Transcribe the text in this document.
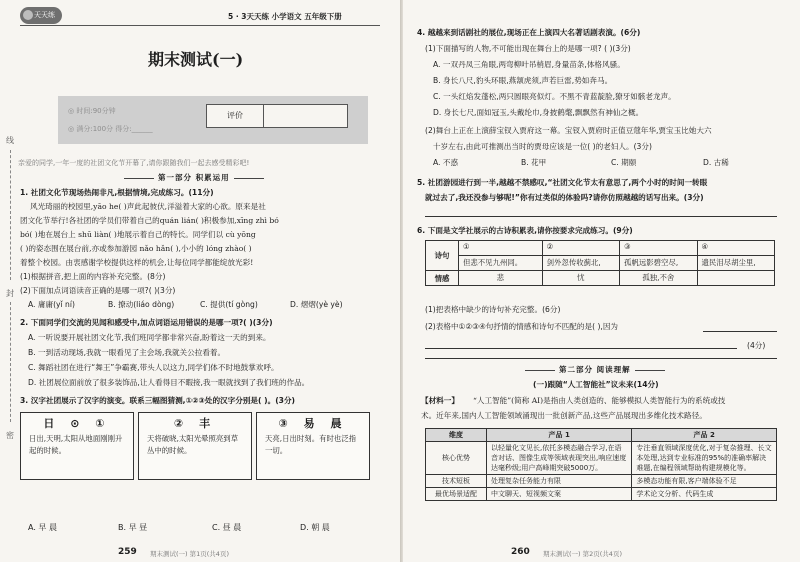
天天练	5 · 3天天练 小学语文 五年级下册
期末测试(一)
◎ 时间:90分钟
◎ 满分:100分 得分:______
评价
线
封
密
亲爱的同学,一年一度的社团文化节开幕了,请你跟随我们一起去感受精彩吧!
第一部分 积累运用
1. 社团文化节现场热闹非凡,根据情境,完成练习。(11分)
风光琦丽的校园里,yāo he( )声此起彼伏,洋溢着大家的心欲。原来是社
团文化节举行!各社团的学员们带着自己的quán lián( )积极参加,xīng zhì bó
bó( )地在展台上 shū liàn( )地展示着自己的特长。同学们以 cù yōng
( )的姿态围在展台前,亦或参加游园 nǎo hǎn( ),小小的 lóng zhào( )
着整个校园。由衷感谢学校提供这样的机会,让每位同学都能绽放光彩!
(1)根据拼音,把上面的内容补充完整。(8分)
(2)下面加点词语读音正确的是哪一项?( )(3分)
A. 庸庸(yǐ ní)	B. 撩动(liáo dòng)	C. 提供(tí gòng)	D. 熠熠(yè yè)
2. 下面同学们交流的见闻和感受中,加点词语运用错误的是哪一项?( )(3分)
A. 一听说要开展社团文化节,我们班同学都非常兴奋,盼着这一天的到来。
B. 一到活动现场,我就一眼看见了主会场,我就关公拉看着。
C. 舞蹈社团在进行“舞王”争霸赛,带头人以这力,同学们体不时地鼓掌欢呼。
D. 社团展位面前放了很多装饰品,让人看得目不暇接,我一眼就找到了我们班的作品。
3. 汉字社团展示了汉字的演变。联系三幅图猜测,①②③处的汉字分别是( )。(3分)
日 ⊙ ①
日出,天明,太阳从地面刚刚升起的时候。
② 丰
天将破晓,太阳光晕照亮到草丛中的时候。
③ 易 晨
天亮,日出时刻。有时也泛指一切。
A. 早 晨	B. 早 昼	C. 昼 晨	D. 朝 晨
259 期末测试(一) 第1页(共4页)
4. 越越来到话剧社的展位,现场正在上演四大名著话剧表演。(6分)
(1)下面描写的人物,不可能出现在舞台上的是哪一项? ( )(3分)
A. 一双丹凤三角眼,两弯柳叶吊梢眉,身量苗条,体格风骚。
B. 身长八尺,豹头环眼,燕颔虎须,声若巨雷,势如奔马。
C. 一头红焰发蓬松,两只圆眼亮似灯。不黑不青蓝靛脸,獠牙如骸老龙声。
D. 身长七尺,面如冠玉,头戴纶巾,身披鹤氅,飘飘然有神仙之概。
(2)舞台上正在上演薛宝钗入贾府这一幕。宝钗入贾府时正值豆蔻年华,贾宝玉比她大六
十岁左右,由此可推测出当时的贾母应该是一位( )的老妇人。(3分)
A. 不惑	B. 花甲	C. 期颐	D. 古稀
5. 社团游园进行到一半,越越不禁感叹,“社团文化节太有意思了,两个小时的时间一转眼
就过去了,我还没参与够呢!”你有过类似的体验吗?请你仿照越越的话写出来。(3分)
6. 下面是文学社展示的古诗积累表,请你按要求完成练习。(9分)
诗句	①	②	③	④
	但悲不见九州同。	剑外忽传收蓟北,	孤帆远影碧空尽,	遗民泪尽胡尘里,
情感	悲	忧	孤独,不舍	
(1)把表格中缺少的诗句补充完整。(6分)
(2)表格中①②③④句抒情的情感和诗句不匹配的是( ),因为
(4分)
第二部分 阅读理解
(一)跟随“人工智能社”议未来(14分)
【材料一】 “人工智能”(简称 AI)是指由人类创造的、能够模拟人类智能行为的系统或技
术。近年来,国内人工智能领域涌现出一批创新产品,这些产品展现出多维化技术路径。
维度	产品 1	产品 2
核心优势	以轻量化文见长,依托多模态融合学习,在语音对话、图像生成等领域表现突出,响应速度达毫秒级;用户高峰期突破5000万。	专注垂直领域深度优化,对于复杂推理、长文本处理,达到专业标准的95%的准确率解决难题,在编程领域帮助构建规模化等。
技术短板	处理复杂任务能力有限	多模态功能有限,客户端体验不足
最优场景适配	中文聊天、短视频文案	学术论文分析、代码生成
260 期末测试(一) 第2页(共4页)
